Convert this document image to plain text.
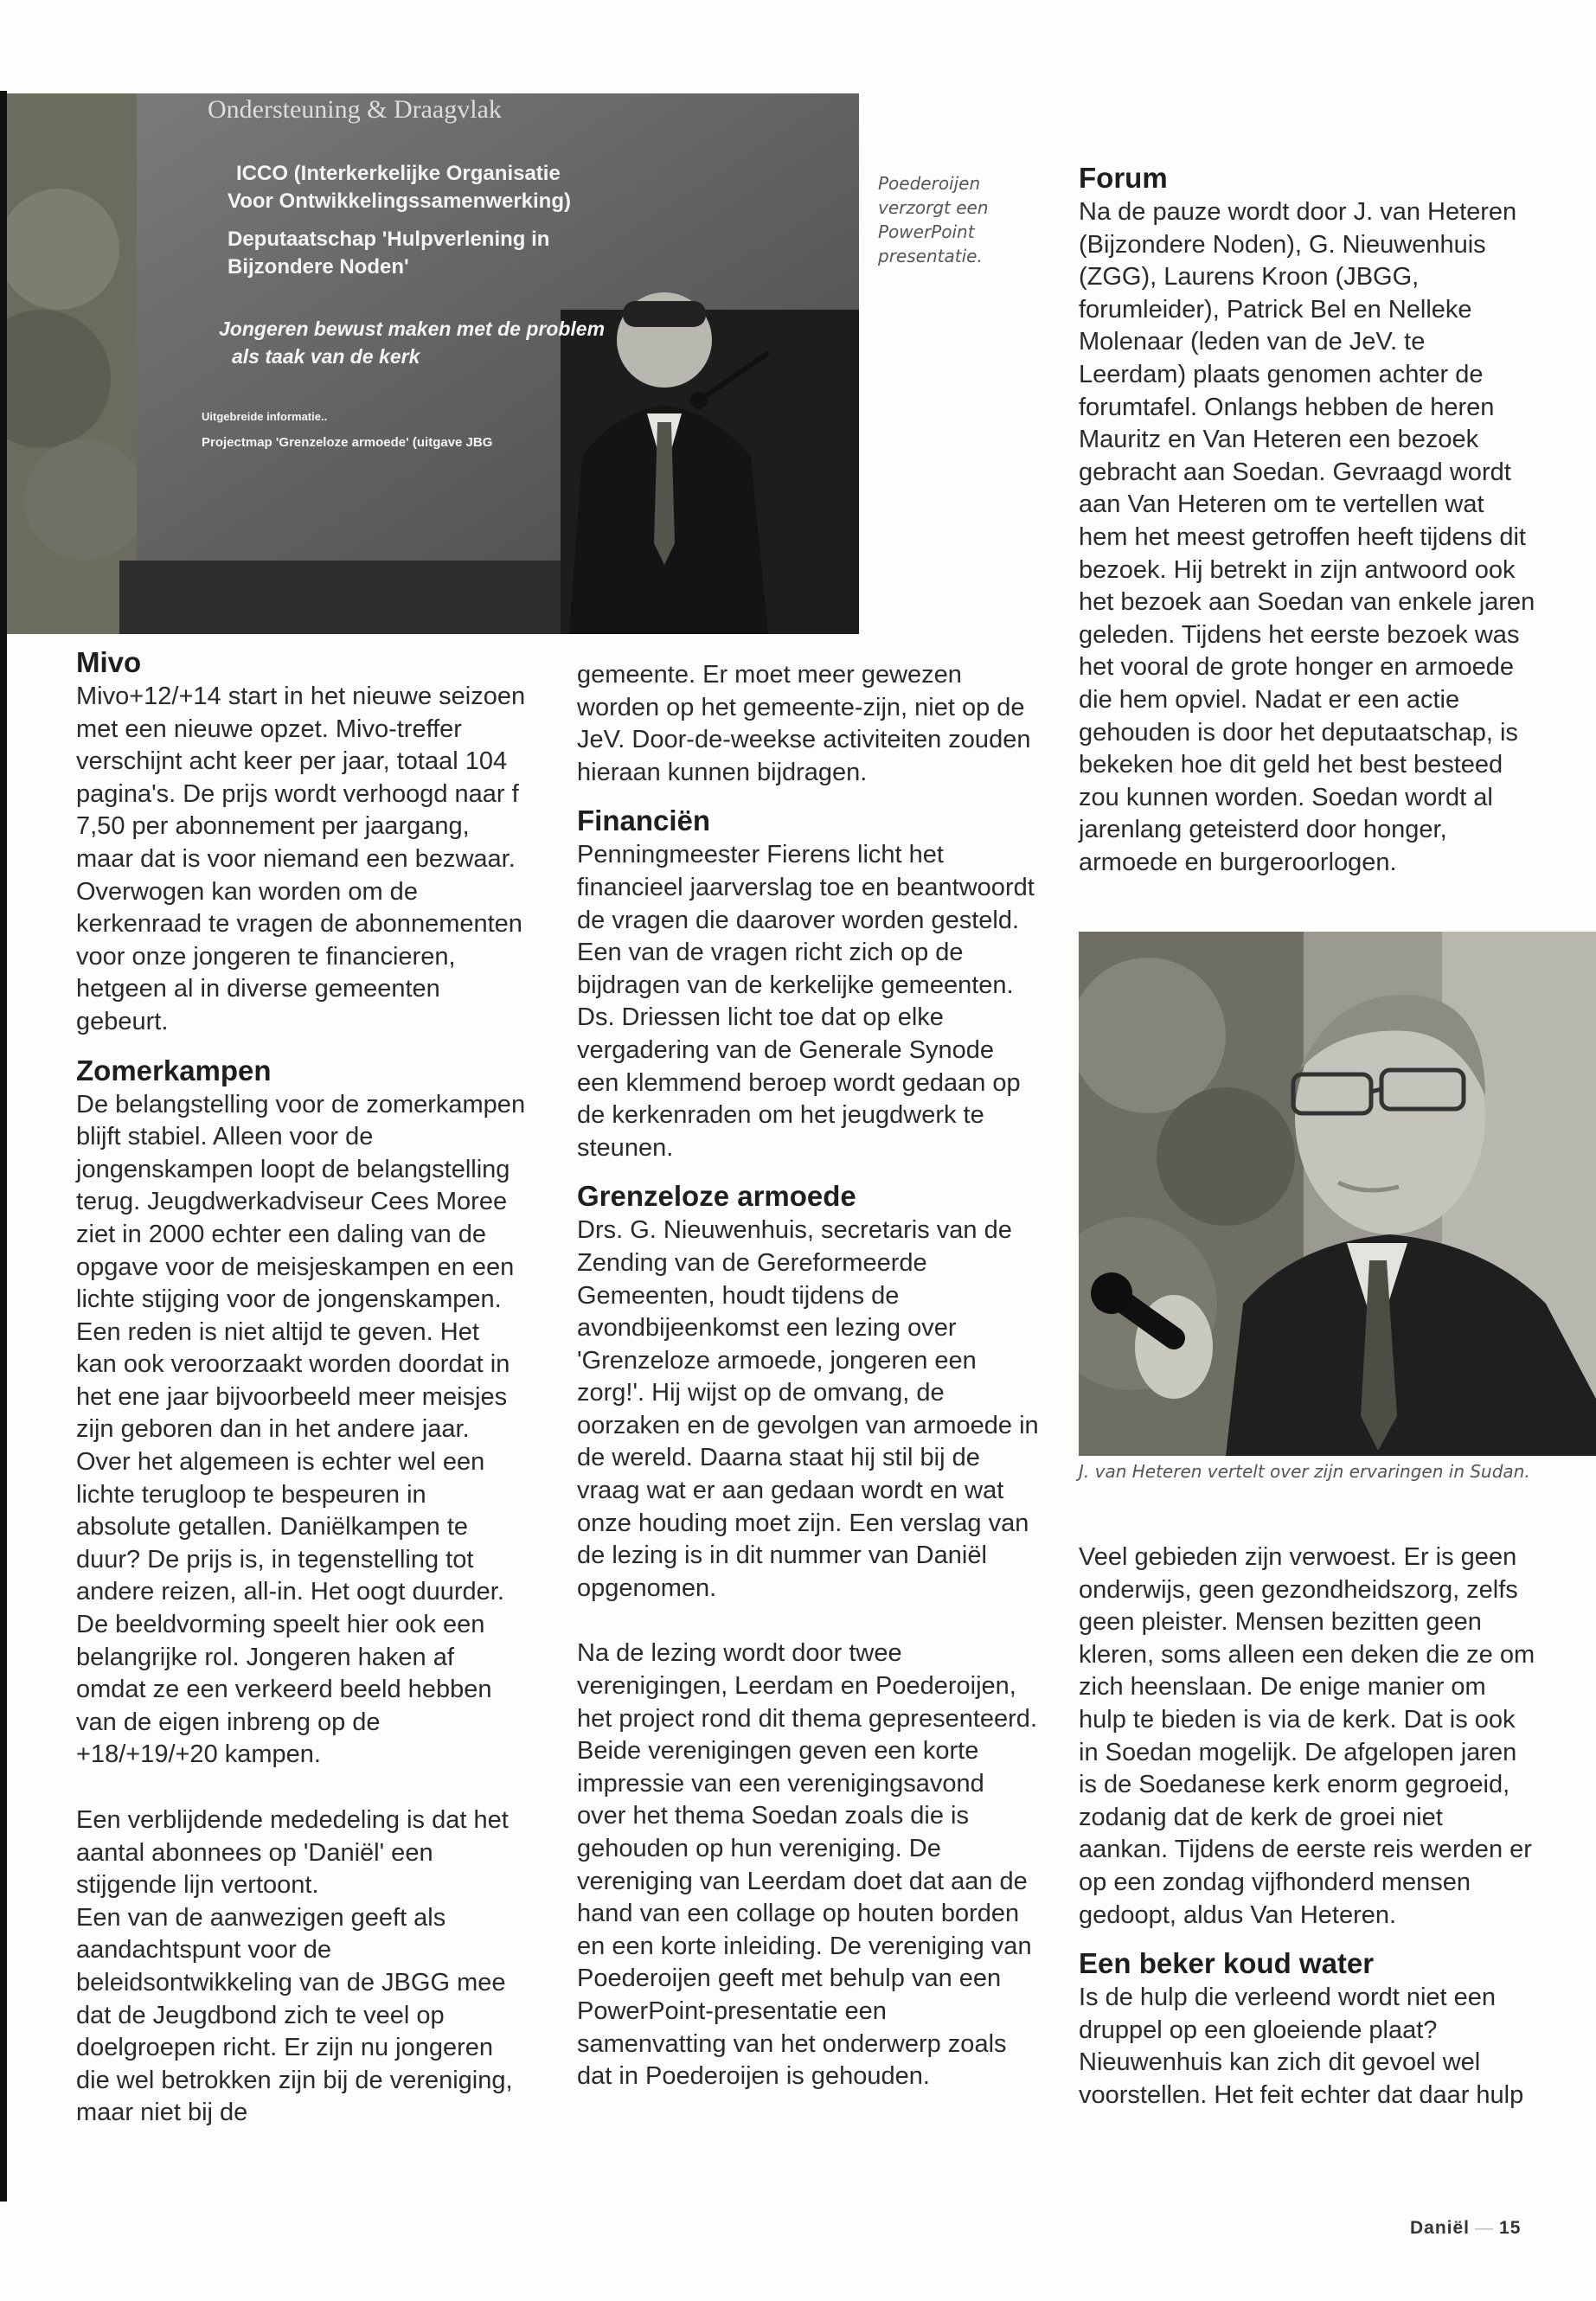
Ondersteuning & Draagvlak
ICCO (Interkerkelijke Organisatie
Voor Ontwikkelingssamenwerking)
Deputaatschap 'Hulpverlening in
Bijzondere Noden'
Jongeren bewust maken met de problem
als taak van de kerk
Uitgebreide informatie..
Projectmap 'Grenzeloze armoede' (uitgave JBG
Poederoijen verzorgt een PowerPoint presentatie.
Mivo

Mivo+12/+14 start in het nieuwe seizoen met een nieuwe opzet. Mivo-treffer verschijnt acht keer per jaar, totaal 104 pagina's. De prijs wordt verhoogd naar f 7,50 per abonnement per jaargang, maar dat is voor niemand een bezwaar. Overwogen kan worden om de kerkenraad te vragen de abonnementen voor onze jongeren te financieren, hetgeen al in diverse gemeenten gebeurt.

Zomerkampen

De belangstelling voor de zomerkampen blijft stabiel. Alleen voor de jongenskampen loopt de belangstelling terug. Jeugdwerkadviseur Cees Moree ziet in 2000 echter een daling van de opgave voor de meisjeskampen en een lichte stijging voor de jongenskampen. Een reden is niet altijd te geven. Het kan ook veroorzaakt worden doordat in het ene jaar bijvoorbeeld meer meisjes zijn geboren dan in het andere jaar. Over het algemeen is echter wel een lichte terugloop te bespeuren in absolute getallen. Daniëlkampen te duur? De prijs is, in tegenstelling tot andere reizen, all-in. Het oogt duurder. De beeldvorming speelt hier ook een belangrijke rol. Jongeren haken af omdat ze een verkeerd beeld hebben van de eigen inbreng op de +18/+19/+20 kampen.

Een verblijdende mededeling is dat het aantal abonnees op 'Daniël' een stijgende lijn vertoont.

Een van de aanwezigen geeft als aandachtspunt voor de beleidsontwikkeling van de JBGG mee dat de Jeugdbond zich te veel op doelgroepen richt. Er zijn nu jongeren die wel betrokken zijn bij de vereniging, maar niet bij de

gemeente. Er moet meer gewezen worden op het gemeente-zijn, niet op de JeV. Door-de-weekse activiteiten zouden hieraan kunnen bijdragen.

Financiën

Penningmeester Fierens licht het financieel jaarverslag toe en beantwoordt de vragen die daarover worden gesteld. Een van de vragen richt zich op de bijdragen van de kerkelijke gemeenten. Ds. Driessen licht toe dat op elke vergadering van de Generale Synode een klemmend beroep wordt gedaan op de kerkenraden om het jeugdwerk te steunen.

Grenzeloze armoede

Drs. G. Nieuwenhuis, secretaris van de Zending van de Gereformeerde Gemeenten, houdt tijdens de avondbijeenkomst een lezing over 'Grenzeloze armoede, jongeren een zorg!'. Hij wijst op de omvang, de oorzaken en de gevolgen van armoede in de wereld. Daarna staat hij stil bij de vraag wat er aan gedaan wordt en wat onze houding moet zijn. Een verslag van de lezing is in dit nummer van Daniël opgenomen.

Na de lezing wordt door twee verenigingen, Leerdam en Poederoijen, het project rond dit thema gepresenteerd. Beide verenigingen geven een korte impressie van een verenigingsavond over het thema Soedan zoals die is gehouden op hun vereniging. De vereniging van Leerdam doet dat aan de hand van een collage op houten borden en een korte inleiding. De vereniging van Poederoijen geeft met behulp van een PowerPoint-presentatie een samenvatting van het onderwerp zoals dat in Poederoijen is gehouden.

Forum

Na de pauze wordt door J. van Heteren (Bijzondere Noden), G. Nieuwenhuis (ZGG), Laurens Kroon (JBGG, forumleider), Patrick Bel en Nelleke Molenaar (leden van de JeV. te Leerdam) plaats genomen achter de forumtafel. Onlangs hebben de heren Mauritz en Van Heteren een bezoek gebracht aan Soedan. Gevraagd wordt aan Van Heteren om te vertellen wat hem het meest getroffen heeft tijdens dit bezoek. Hij betrekt in zijn antwoord ook het bezoek aan Soedan van enkele jaren geleden. Tijdens het eerste bezoek was het vooral de grote honger en armoede die hem opviel. Nadat er een actie gehouden is door het deputaatschap, is bekeken hoe dit geld het best besteed zou kunnen worden. Soedan wordt al jarenlang geteisterd door honger, armoede en burgeroorlogen.

J. van Heteren vertelt over zijn ervaringen in Sudan.

Veel gebieden zijn verwoest. Er is geen onderwijs, geen gezondheidszorg, zelfs geen pleister. Mensen bezitten geen kleren, soms alleen een deken die ze om zich heenslaan. De enige manier om hulp te bieden is via de kerk. Dat is ook in Soedan mogelijk. De afgelopen jaren is de Soedanese kerk enorm gegroeid, zodanig dat de kerk de groei niet aankan. Tijdens de eerste reis werden er op een zondag vijfhonderd mensen gedoopt, aldus Van Heteren.

Een beker koud water

Is de hulp die verleend wordt niet een druppel op een gloeiende plaat? Nieuwenhuis kan zich dit gevoel wel voorstellen. Het feit echter dat daar hulp

Daniël — 15
